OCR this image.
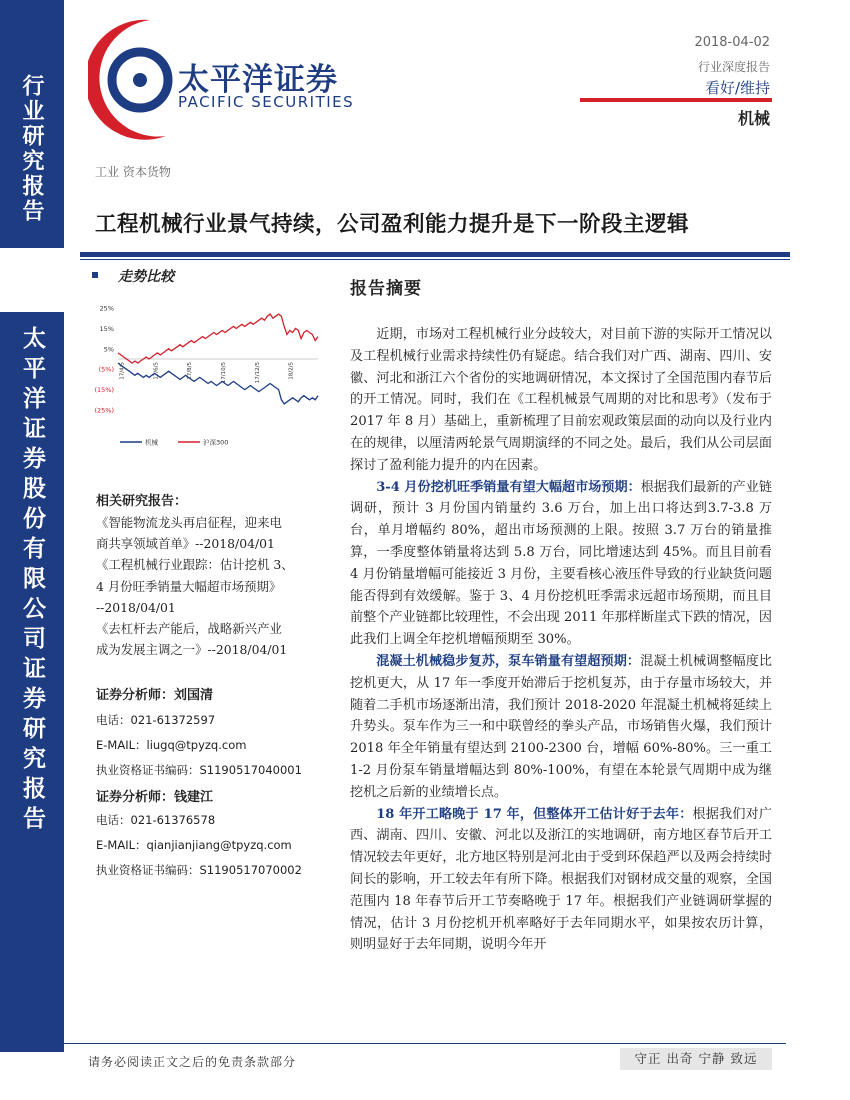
行业研究报告
太平洋证券股份有限公司证券研究报告
太平洋证券
PACIFIC SECURITIES
2018-04-02
行业深度报告
看好/维持
机械
工业 资本货物
工程机械行业景气持续，公司盈利能力提升是下一阶段主逻辑
走势比较
25%
15%
5%
(5%)
(15%)
(25%)
17/4/5	17/6/5	17/8/5	17/10/5	17/12/5	18/2/5
机械	沪深300
相关研究报告：

《智能物流龙头再启征程，迎来电

商共享领域首单》--2018/04/01

《工程机械行业跟踪：估计挖机 3、

4 月份旺季销量大幅超市场预期》

--2018/04/01

《去杠杆去产能后，战略新兴产业

成为发展主调之一》--2018/04/01

证券分析师：刘国清
电话：021-61372597
E-MAIL：liugq@tpyzq.com
执业资格证书编码：S1190517040001
证券分析师：钱建江
电话：021-61376578
E-MAIL：qianjianjiang@tpyzq.com
执业资格证书编码：S1190517070002
报告摘要

近期，市场对工程机械行业分歧较大，对目前下游的实际开工情况以及工程机械行业需求持续性仍有疑虑。结合我们对广西、湖南、四川、安徽、河北和浙江六个省份的实地调研情况，本文探讨了全国范围内春节后的开工情况。同时，我们在《工程机械景气周期的对比和思考》（发布于 2017 年 8 月）基础上，重新梳理了目前宏观政策层面的动向以及行业内在的规律，以厘清两轮景气周期演绎的不同之处。最后，我们从公司层面探讨了盈利能力提升的内在因素。

3-4 月份挖机旺季销量有望大幅超市场预期：根据我们最新的产业链调研，预计 3 月份国内销量约 3.6 万台，加上出口将达到3.7-3.8 万台，单月增幅约 80%，超出市场预测的上限。按照 3.7 万台的销量推算，一季度整体销量将达到 5.8 万台，同比增速达到 45%。而且目前看 4 月份销量增幅可能接近 3 月份，主要看核心液压件导致的行业缺货问题能否得到有效缓解。鉴于 3、4 月份挖机旺季需求远超市场预期，而且目前整个产业链都比较理性，不会出现 2011 年那样断崖式下跌的情况，因此我们上调全年挖机增幅预期至 30%。

混凝土机械稳步复苏，泵车销量有望超预期：混凝土机械调整幅度比挖机更大，从 17 年一季度开始滞后于挖机复苏，由于存量市场较大，并随着二手机市场逐渐出清，我们预计 2018-2020 年混凝土机械将延续上升势头。泵车作为三一和中联曾经的拳头产品，市场销售火爆，我们预计 2018 年全年销量有望达到 2100-2300 台，增幅 60%-80%。三一重工 1-2 月份泵车销量增幅达到 80%-100%，有望在本轮景气周期中成为继挖机之后新的业绩增长点。

18 年开工略晚于 17 年，但整体开工估计好于去年：根据我们对广西、湖南、四川、安徽、河北以及浙江的实地调研，南方地区春节后开工情况较去年更好，北方地区特别是河北由于受到环保趋严以及两会持续时间长的影响，开工较去年有所下降。根据我们对钢材成交量的观察，全国范围内 18 年春节后开工节奏略晚于 17 年。根据我们产业链调研掌握的情况，估计 3 月份挖机开机率略好于去年同期水平，如果按农历计算，则明显好于去年同期，说明今年开

请务必阅读正文之后的免责条款部分	守正 出奇 宁静 致远
